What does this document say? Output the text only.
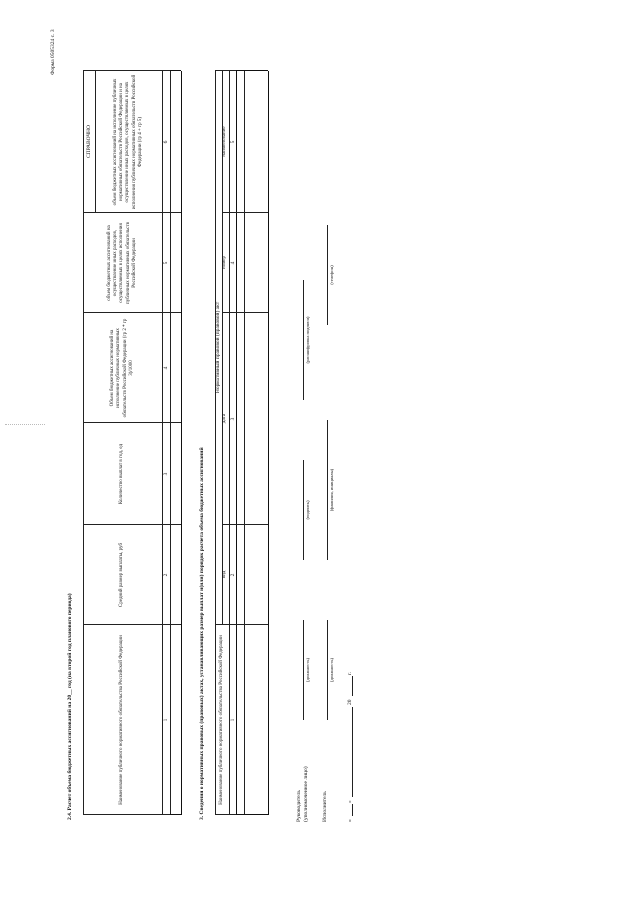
Форма 0505324 с. 3
2.4. Расчет объема бюджетных ассигнований на 20__ год (на второй год планового периода)	Наименование публичного нормативного обязательства Российской Федерации
Средний размер выплаты, руб
Количество выплат в год, ед
Объем бюджетных ассигнований на исполнение публичных нормативных обязательств Российской Федерации (гр 2 * гр 3)/1000
СПРАВОЧНО
объем бюджетных ассигнований на осуществление иных расходов, осуществляемых в целях исполнения публичных нормативных обязательств Российской Федерации
объем бюджетных ассигнований на исполнение публичных нормативных обязательств Российской Федерации и на осуществление иных расходов, осуществляемых в целях исполнения публичных нормативных обязательств Российской Федерации (гр 4 + гр 5)
1
2
3
4
5
6
3. Сведения о нормативных правовых (правовых) актах, устанавливающих размер выплат и(или) порядок расчета объема бюджетных ассигнований	Наименование публичного нормативного обязательства Российской Федерации
Нормативный правовой (правовой) акт
вид
дата
номер
наименование
1
2
3
4
5
Руководитель (уполномоченное лицо)
(должность)
(подпись)
(расшифровка подписи)
Исполнитель
(должность)
(фамилия, инициалы)
(телефон)
«
»
20
г.
